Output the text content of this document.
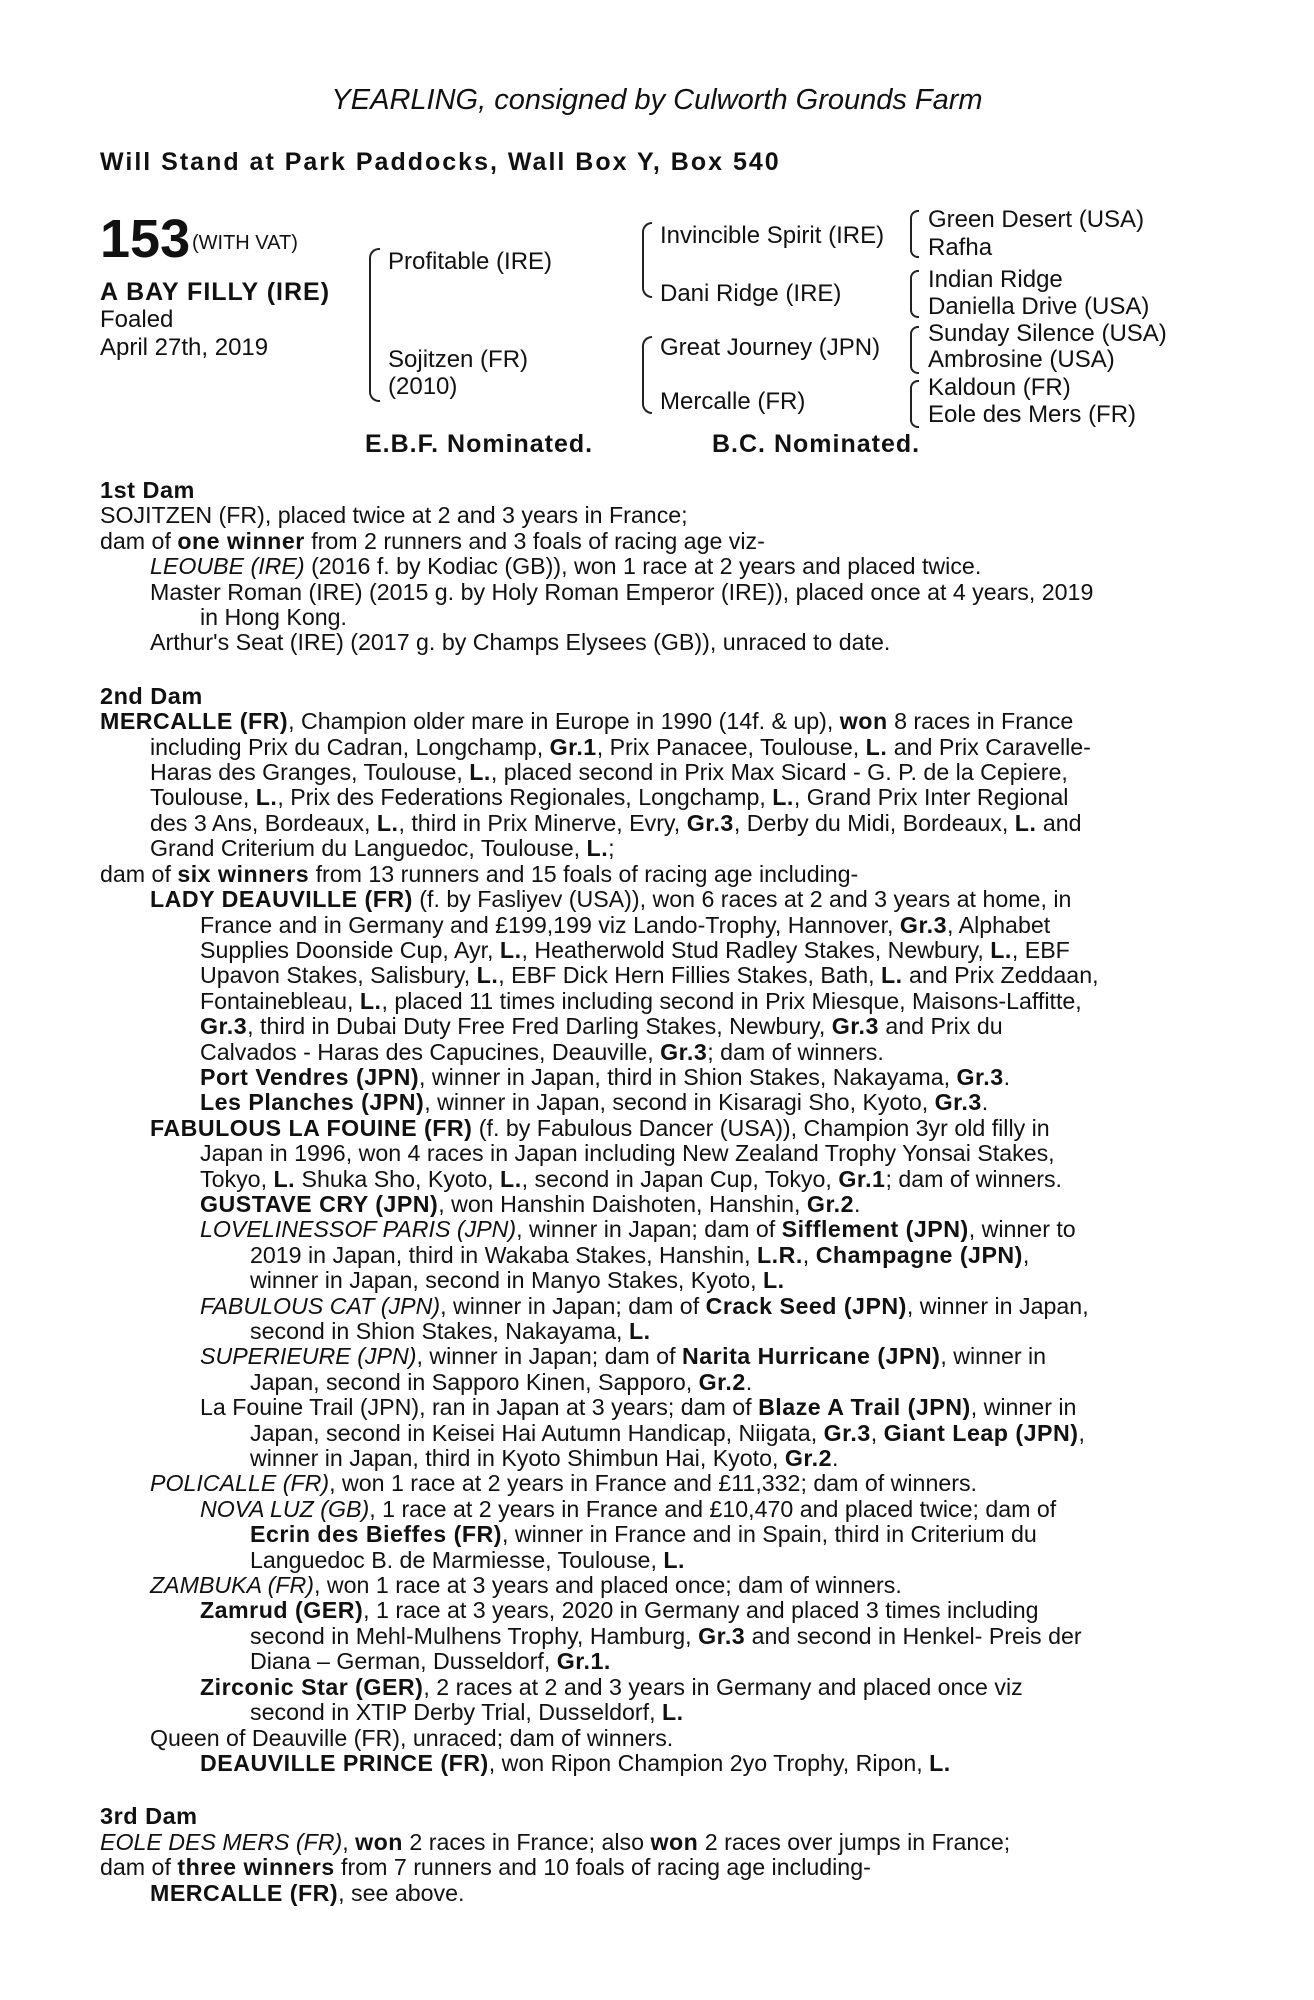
YEARLING, consigned by Culworth Grounds Farm
Will Stand at Park Paddocks, Wall Box Y, Box 540
153 (WITH VAT)
A BAY FILLY (IRE)
Foaled
April 27th, 2019
Profitable (IRE)
Sojitzen (FR)
(2010)
Invincible Spirit (IRE)
Dani Ridge (IRE)
Great Journey (JPN)
Mercalle (FR)
Green Desert (USA)
Rafha
Indian Ridge
Daniella Drive (USA)
Sunday Silence (USA)
Ambrosine (USA)
Kaldoun (FR)
Eole des Mers (FR)
E.B.F. Nominated.	B.C. Nominated.
1st Dam
SOJITZEN (FR), placed twice at 2 and 3 years in France;
dam of one winner from 2 runners and 3 foals of racing age viz-
LEOUBE (IRE) (2016 f. by Kodiac (GB)), won 1 race at 2 years and placed twice.
Master Roman (IRE) (2015 g. by Holy Roman Emperor (IRE)), placed once at 4 years, 2019
in Hong Kong.
Arthur's Seat (IRE) (2017 g. by Champs Elysees (GB)), unraced to date.
2nd Dam
MERCALLE (FR), Champion older mare in Europe in 1990 (14f. & up), won 8 races in France
including Prix du Cadran, Longchamp, Gr.1, Prix Panacee, Toulouse, L. and Prix Caravelle-
Haras des Granges, Toulouse, L., placed second in Prix Max Sicard - G. P. de la Cepiere,
Toulouse, L., Prix des Federations Regionales, Longchamp, L., Grand Prix Inter Regional
des 3 Ans, Bordeaux, L., third in Prix Minerve, Evry, Gr.3, Derby du Midi, Bordeaux, L. and
Grand Criterium du Languedoc, Toulouse, L.;
dam of six winners from 13 runners and 15 foals of racing age including-
LADY DEAUVILLE (FR) (f. by Fasliyev (USA)), won 6 races at 2 and 3 years at home, in
France and in Germany and £199,199 viz Lando-Trophy, Hannover, Gr.3, Alphabet
Supplies Doonside Cup, Ayr, L., Heatherwold Stud Radley Stakes, Newbury, L., EBF
Upavon Stakes, Salisbury, L., EBF Dick Hern Fillies Stakes, Bath, L. and Prix Zeddaan,
Fontainebleau, L., placed 11 times including second in Prix Miesque, Maisons-Laffitte,
Gr.3, third in Dubai Duty Free Fred Darling Stakes, Newbury, Gr.3 and Prix du
Calvados - Haras des Capucines, Deauville, Gr.3; dam of winners.
Port Vendres (JPN), winner in Japan, third in Shion Stakes, Nakayama, Gr.3.
Les Planches (JPN), winner in Japan, second in Kisaragi Sho, Kyoto, Gr.3.
FABULOUS LA FOUINE (FR) (f. by Fabulous Dancer (USA)), Champion 3yr old filly in
Japan in 1996, won 4 races in Japan including New Zealand Trophy Yonsai Stakes,
Tokyo, L. Shuka Sho, Kyoto, L., second in Japan Cup, Tokyo, Gr.1; dam of winners.
GUSTAVE CRY (JPN), won Hanshin Daishoten, Hanshin, Gr.2.
LOVELINESSOF PARIS (JPN), winner in Japan; dam of Sifflement (JPN), winner to
2019 in Japan, third in Wakaba Stakes, Hanshin, L.R., Champagne (JPN),
winner in Japan, second in Manyo Stakes, Kyoto, L.
FABULOUS CAT (JPN), winner in Japan; dam of Crack Seed (JPN), winner in Japan,
second in Shion Stakes, Nakayama, L.
SUPERIEURE (JPN), winner in Japan; dam of Narita Hurricane (JPN), winner in
Japan, second in Sapporo Kinen, Sapporo, Gr.2.
La Fouine Trail (JPN), ran in Japan at 3 years; dam of Blaze A Trail (JPN), winner in
Japan, second in Keisei Hai Autumn Handicap, Niigata, Gr.3, Giant Leap (JPN),
winner in Japan, third in Kyoto Shimbun Hai, Kyoto, Gr.2.
POLICALLE (FR), won 1 race at 2 years in France and £11,332; dam of winners.
NOVA LUZ (GB), 1 race at 2 years in France and £10,470 and placed twice; dam of
Ecrin des Bieffes (FR), winner in France and in Spain, third in Criterium du
Languedoc B. de Marmiesse, Toulouse, L.
ZAMBUKA (FR), won 1 race at 3 years and placed once; dam of winners.
Zamrud (GER), 1 race at 3 years, 2020 in Germany and placed 3 times including
second in Mehl-Mulhens Trophy, Hamburg, Gr.3 and second in Henkel- Preis der
Diana – German, Dusseldorf, Gr.1.
Zirconic Star (GER), 2 races at 2 and 3 years in Germany and placed once viz
second in XTIP Derby Trial, Dusseldorf, L.
Queen of Deauville (FR), unraced; dam of winners.
DEAUVILLE PRINCE (FR), won Ripon Champion 2yo Trophy, Ripon, L.
3rd Dam
EOLE DES MERS (FR), won 2 races in France; also won 2 races over jumps in France;
dam of three winners from 7 runners and 10 foals of racing age including-
MERCALLE (FR), see above.
